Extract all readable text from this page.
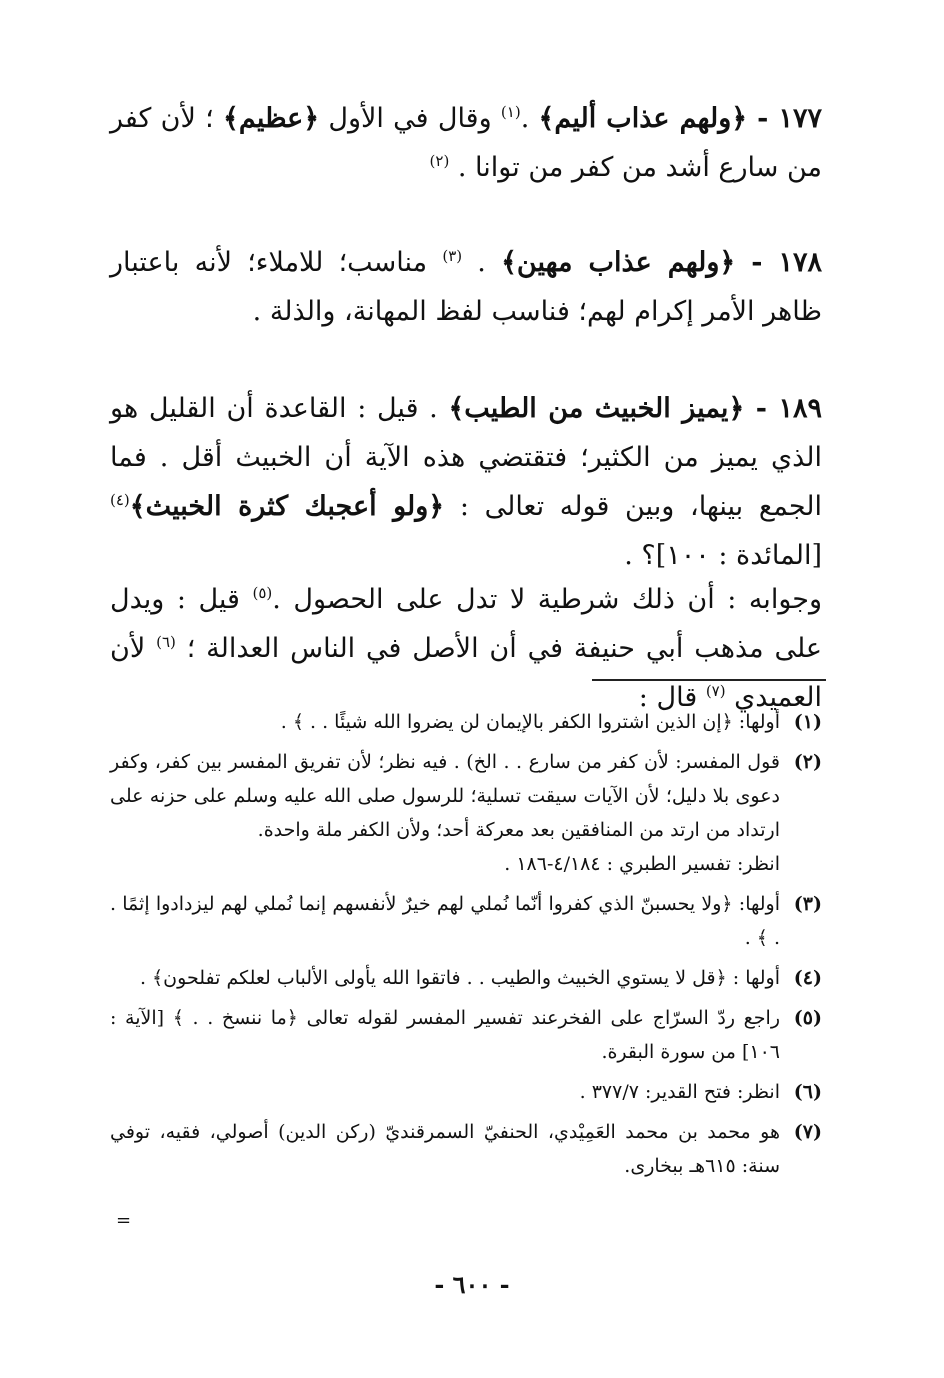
١٧٧ - ﴿ولهم عذاب أليم﴾ .$^{(١)}$ وقال في الأول ﴿عظيم﴾ ؛ لأن كفر من سارع أشد من كفر من توانا . $^{(٢)}$

١٧٨ - ﴿ولهم عذاب مهين﴾ . $^{(٣)}$ مناسب؛ للاملاء؛ لأنه باعتبار ظاهر الأمر إكرام لهم؛ فناسب لفظ المهانة، والذلة .

١٨٩ - ﴿يميز الخبيث من الطيب﴾ . قيل : القاعدة أن القليل هو الذي يميز من الكثير؛ فتقتضي هذه الآية أن الخبيث أقل . فما الجمع بينها، وبين قوله تعالى : ﴿ولو أعجبك كثرة الخبيث﴾$^{(٤)}$[المائدة : ١٠٠]؟ .

وجوابه : أن ذلك شرطية لا تدل على الحصول .$^{(٥)}$ قيل : ويدل على مذهب أبي حنيفة في أن الأصل في الناس العدالة ؛ $^{(٦)}$ لأن العميدي $^{(٧)}$ قال :

(١)
أولها: ﴿إن الذين اشتروا الكفر بالإيمان لن يضروا الله شيئًا . . ﴾ .
(٢)
قول المفسر: لأن كفر من سارع . . الخ) . فيه نظر؛ لأن تفريق المفسر بين كفر، وكفر دعوى بلا دليل؛ لأن الآيات سيقت تسلية؛ للرسول صلى الله عليه وسلم على حزنه على ارتداد من ارتد من المنافقين بعد معركة أحد؛ ولأن الكفر ملة واحدة.
انظر: تفسير الطبري : ٤/١٨٤-١٨٦ .
(٣)
أولها: ﴿ولا يحسبنّ الذي كفروا أنّما نُملي لهم خيرٌ لأنفسهم إنما نُملي لهم ليزدادوا إثمًا . . ﴾ .
(٤)
أولها : ﴿قل لا يستوي الخبيث والطيب . . فاتقوا الله يأولى الألباب لعلكم تفلحون﴾ .
(٥)
راجع ردّ السرّاج على الفخرعند تفسير المفسر لقوله تعالى ﴿ما ننسخ . . ﴾ [الآية : ١٠٦] من سورة البقرة.
(٦)
انظر: فتح القدير: ٣٧٧/٧ .
(٧)
هو محمد بن محمد العَمِيْدي، الحنفيّ السمرقنديّ (ركن الدين) أصولي، فقيه، توفي سنة: ٦١٥هـ ببخارى.
=
- ٦٠٠ -
